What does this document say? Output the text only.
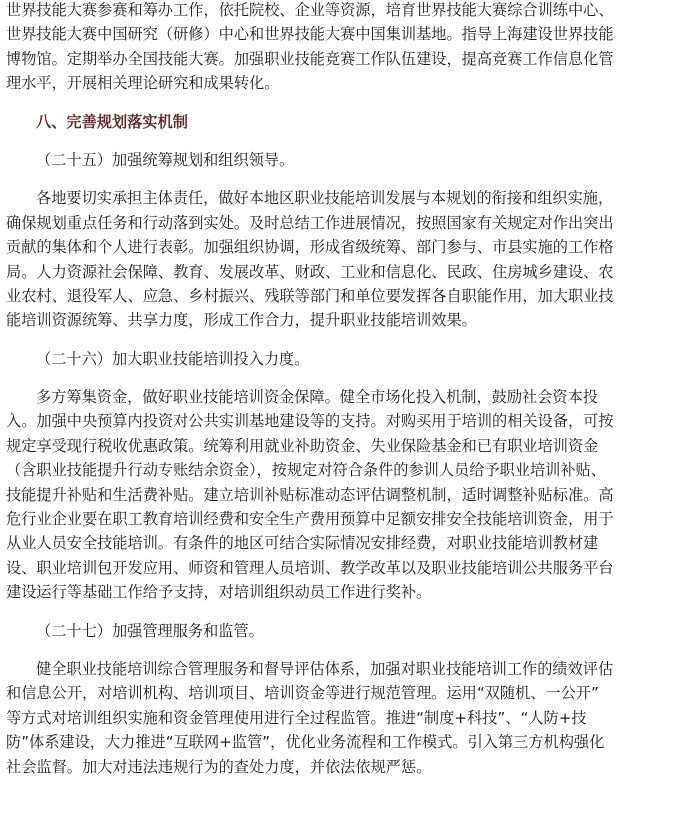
世界技能大赛参赛和筹办工作，依托院校、企业等资源，培育世界技能大赛综合训练中心、
世界技能大赛中国研究（研修）中心和世界技能大赛中国集训基地。指导上海建设世界技能
博物馆。定期举办全国技能大赛。加强职业技能竞赛工作队伍建设，提高竞赛工作信息化管
理水平，开展相关理论研究和成果转化。
八、完善规划落实机制
（二十五）加强统筹规划和组织领导。
各地要切实承担主体责任，做好本地区职业技能培训发展与本规划的衔接和组织实施，
确保规划重点任务和行动落到实处。及时总结工作进展情况，按照国家有关规定对作出突出
贡献的集体和个人进行表彰。加强组织协调，形成省级统筹、部门参与、市县实施的工作格
局。人力资源社会保障、教育、发展改革、财政、工业和信息化、民政、住房城乡建设、农
业农村、退役军人、应急、乡村振兴、残联等部门和单位要发挥各自职能作用，加大职业技
能培训资源统筹、共享力度，形成工作合力，提升职业技能培训效果。
（二十六）加大职业技能培训投入力度。
多方筹集资金，做好职业技能培训资金保障。健全市场化投入机制，鼓励社会资本投
入。加强中央预算内投资对公共实训基地建设等的支持。对购买用于培训的相关设备，可按
规定享受现行税收优惠政策。统筹利用就业补助资金、失业保险基金和已有职业培训资金
（含职业技能提升行动专账结余资金），按规定对符合条件的参训人员给予职业培训补贴、
技能提升补贴和生活费补贴。建立培训补贴标准动态评估调整机制，适时调整补贴标准。高
危行业企业要在职工教育培训经费和安全生产费用预算中足额安排安全技能培训资金，用于
从业人员安全技能培训。有条件的地区可结合实际情况安排经费，对职业技能培训教材建
设、职业培训包开发应用、师资和管理人员培训、教学改革以及职业技能培训公共服务平台
建设运行等基础工作给予支持，对培训组织动员工作进行奖补。
（二十七）加强管理服务和监管。
健全职业技能培训综合管理服务和督导评估体系，加强对职业技能培训工作的绩效评估
和信息公开，对培训机构、培训项目、培训资金等进行规范管理。运用“双随机、一公开”
等方式对培训组织实施和资金管理使用进行全过程监管。推进“制度+科技”、“人防+技
防”体系建设，大力推进“互联网+监管”，优化业务流程和工作模式。引入第三方机构强化
社会监督。加大对违法违规行为的查处力度，并依法依规严惩。
